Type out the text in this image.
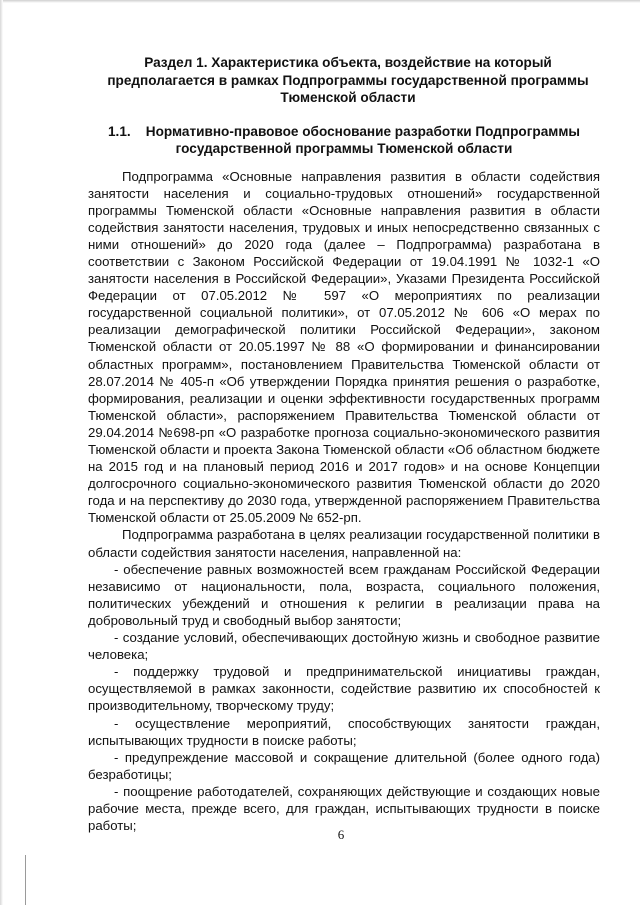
Раздел 1. Характеристика объекта, воздействие на который предполагается в рамках Подпрограммы государственной программы Тюменской области
1.1.    Нормативно-правовое обоснование разработки Подпрограммы государственной программы Тюменской области

Подпрограмма «Основные направления развития в области содействия занятости населения и социально-трудовых отношений» государственной программы Тюменской области «Основные направления развития в области содействия занятости населения, трудовых и иных непосредственно связанных с ними отношений» до 2020 года (далее – Подпрограмма) разработана в соответствии с Законом Российской Федерации от 19.04.1991 № 1032-1 «О занятости населения в Российской Федерации», Указами Президента Российской Федерации от 07.05.2012 № 597 «О мероприятиях по реализации государственной социальной политики», от 07.05.2012 № 606 «О мерах по реализации демографической политики Российской Федерации», законом Тюменской области от 20.05.1997 № 88 «О формировании и финансировании областных программ», постановлением Правительства Тюменской области от 28.07.2014 № 405-п «Об утверждении Порядка принятия решения о разработке, формирования, реализации и оценки эффективности государственных программ Тюменской области», распоряжением Правительства Тюменской области от 29.04.2014 №698-рп «О разработке прогноза социально-экономического развития Тюменской области и проекта Закона Тюменской области «Об областном бюджете на 2015 год и на плановый период 2016 и 2017 годов» и на основе Концепции долгосрочного социально-экономического развития Тюменской области до 2020 года и на перспективу до 2030 года, утвержденной распоряжением Правительства Тюменской области от 25.05.2009 № 652-рп.

Подпрограмма разработана в целях реализации государственной политики в области содействия занятости населения, направленной на:

- обеспечение равных возможностей всем гражданам Российской Федерации независимо от национальности, пола, возраста, социального положения, политических убеждений и отношения к религии в реализации права на добровольный труд и свободный выбор занятости;

- создание условий, обеспечивающих достойную жизнь и свободное развитие человека;

- поддержку трудовой и предпринимательской инициативы граждан, осуществляемой в рамках законности, содействие развитию их способностей к производительному, творческому труду;

- осуществление мероприятий, способствующих занятости граждан, испытывающих трудности в поиске работы;

- предупреждение массовой и сокращение длительной (более одного года) безработицы;

- поощрение работодателей, сохраняющих действующие и создающих новые рабочие места, прежде всего, для граждан, испытывающих трудности в поиске работы;

6
